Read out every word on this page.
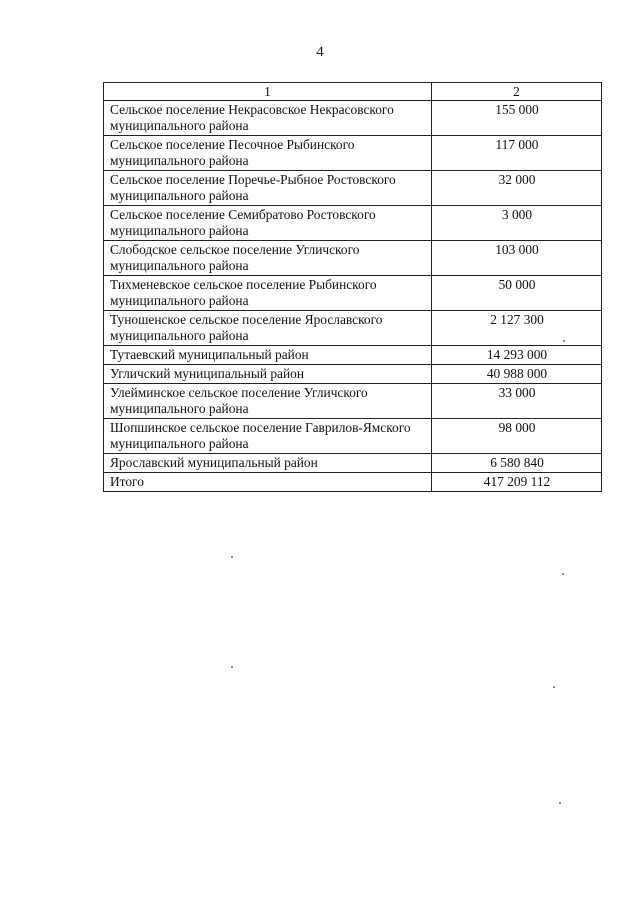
4
1	2
Сельское поселение Некрасовское Некрасовского муниципального района	155 000
Сельское поселение Песочное Рыбинского муниципального района	117 000
Сельское поселение Поречье-Рыбное Ростовского муниципального района	32 000
Сельское поселение Семибратово Ростовского муниципального района	3 000
Слободское сельское поселение Угличского муниципального района	103 000
Тихменевское сельское поселение Рыбинского муниципального района	50 000
Туношенское сельское поселение Ярославского муниципального района	2 127 300
Тутаевский муниципальный район	14 293 000
Угличский муниципальный район	40 988 000
Улейминское сельское поселение Угличского муниципального района	33 000
Шопшинское сельское поселение Гаврилов-Ямского муниципального района	98 000
Ярославский муниципальный район	6 580 840
Итого	417 209 112
